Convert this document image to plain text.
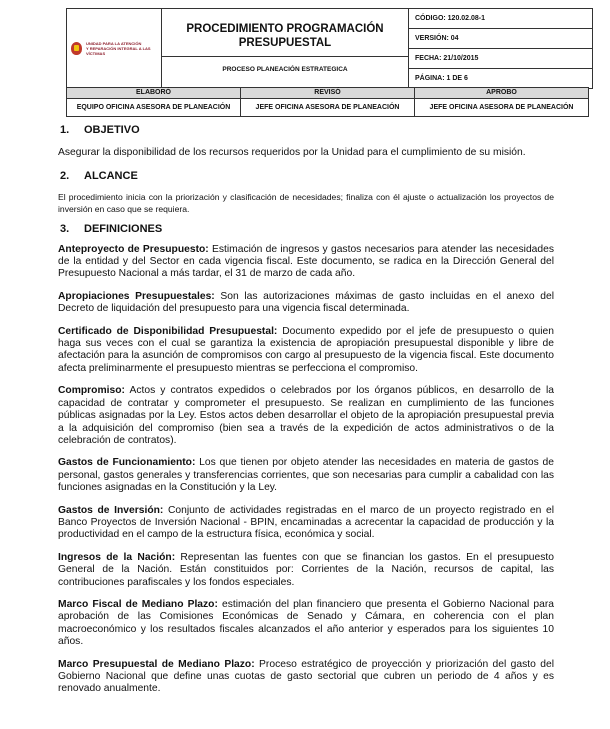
UNIDAD PARA LA ATENCIÓN
Y REPARACIÓN INTEGRAL A LAS VÍCTIMAS

PROCEDIMIENTO PROGRAMACIÓN PRESUPUESTAL
PROCESO PLANEACIÓN ESTRATEGICA

CÓDIGO: 120.02.08-1
VERSIÓN: 04
FECHA: 21/10/2015
PÁGINA: 1 DE 6

ELABORÓ	REVISÓ	APROBO
EQUIPO OFICINA ASESORA DE PLANEACIÓN	JEFE OFICINA ASESORA DE PLANEACIÓN	JEFE OFICINA ASESORA DE PLANEACIÓN
1.	OBJETIVO

Asegurar la disponibilidad de los recursos requeridos por la Unidad para el cumplimiento de su misión.

2.	ALCANCE

El procedimiento inicia con la priorización y clasificación de necesidades; finaliza con él ajuste o actualización los proyectos de inversión en caso que se requiera.

3.	DEFINICIONES

Anteproyecto de Presupuesto: Estimación de ingresos y gastos necesarios para atender las necesidades de la entidad y del Sector en cada vigencia fiscal. Este documento, se radica en la Dirección General del Presupuesto Nacional a más tardar, el 31 de marzo de cada año.

Apropiaciones Presupuestales: Son las autorizaciones máximas de gasto incluidas en el anexo del Decreto de liquidación del presupuesto para una vigencia fiscal determinada.

Certificado de Disponibilidad Presupuestal: Documento expedido por el jefe de presupuesto o quien haga sus veces con el cual se garantiza la existencia de apropiación presupuestal disponible y libre de afectación para la asunción de compromisos con cargo al presupuesto de la vigencia fiscal. Este documento afecta preliminarmente el presupuesto mientras se perfecciona el compromiso.

Compromiso: Actos y contratos expedidos o celebrados por los órganos públicos, en desarrollo de la capacidad de contratar y comprometer el presupuesto. Se realizan en cumplimiento de las funciones públicas asignadas por la Ley. Estos actos deben desarrollar el objeto de la apropiación presupuestal previa a la adquisición del compromiso (bien sea a través de la expedición de actos administrativos o de la celebración de contratos).

Gastos de Funcionamiento: Los que tienen por objeto atender las necesidades en materia de gastos de personal, gastos generales y transferencias corrientes, que son necesarias para cumplir a cabalidad con las funciones asignadas en la Constitución y la Ley.

Gastos de Inversión: Conjunto de actividades registradas en el marco de un proyecto registrado en el Banco Proyectos de Inversión Nacional - BPIN, encaminadas a acrecentar la capacidad de producción y la productividad en el campo de la estructura física, económica y social.

Ingresos de la Nación: Representan las fuentes con que se financian los gastos. En el presupuesto General de la Nación. Están constituidos por: Corrientes de la Nación, recursos de capital, las contribuciones parafiscales y los fondos especiales.

Marco Fiscal de Mediano Plazo: estimación del plan financiero que presenta el Gobierno Nacional para aprobación de las Comisiones Económicas de Senado y Cámara, en coherencia con el plan macroeconómico y los resultados fiscales alcanzados el año anterior y esperados para los siguientes 10 años.

Marco Presupuestal de Mediano Plazo: Proceso estratégico de proyección y priorización del gasto del Gobierno Nacional que define unas cuotas de gasto sectorial que cubren un periodo de 4 años y es renovado anualmente.
